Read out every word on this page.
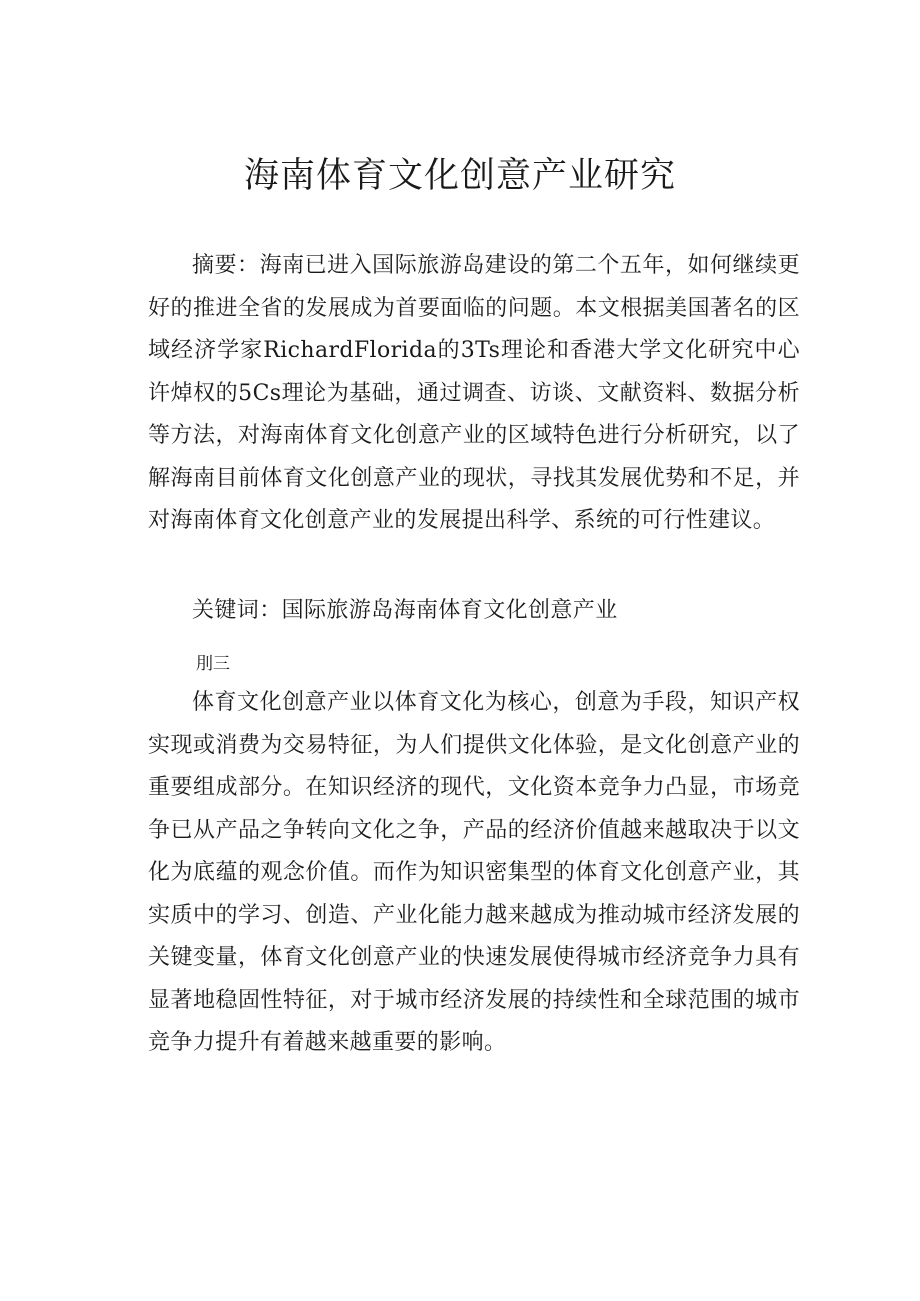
海南体育文化创意产业研究

摘要：海南已进入国际旅游岛建设的第二个五年，如何继续更好的推进全省的发展成为首要面临的问题。本文根据美国著名的区域经济学家RichardFlorida的3Ts理论和香港大学文化研究中心许焯权的5Cs理论为基础，通过调查、访谈、文献资料、数据分析等方法，对海南体育文化创意产业的区域特色进行分析研究，以了解海南目前体育文化创意产业的现状，寻找其发展优势和不足，并对海南体育文化创意产业的发展提出科学、系统的可行性建议。

关键词：国际旅游岛海南体育文化创意产业

刖三

体育文化创意产业以体育文化为核心，创意为手段，知识产权实现或消费为交易特征，为人们提供文化体验，是文化创意产业的重要组成部分。在知识经济的现代，文化资本竞争力凸显，市场竞争已从产品之争转向文化之争，产品的经济价值越来越取决于以文化为底蕴的观念价值。而作为知识密集型的体育文化创意产业，其实质中的学习、创造、产业化能力越来越成为推动城市经济发展的关键变量，体育文化创意产业的快速发展使得城市经济竞争力具有显著地稳固性特征，对于城市经济发展的持续性和全球范围的城市竞争力提升有着越来越重要的影响。
